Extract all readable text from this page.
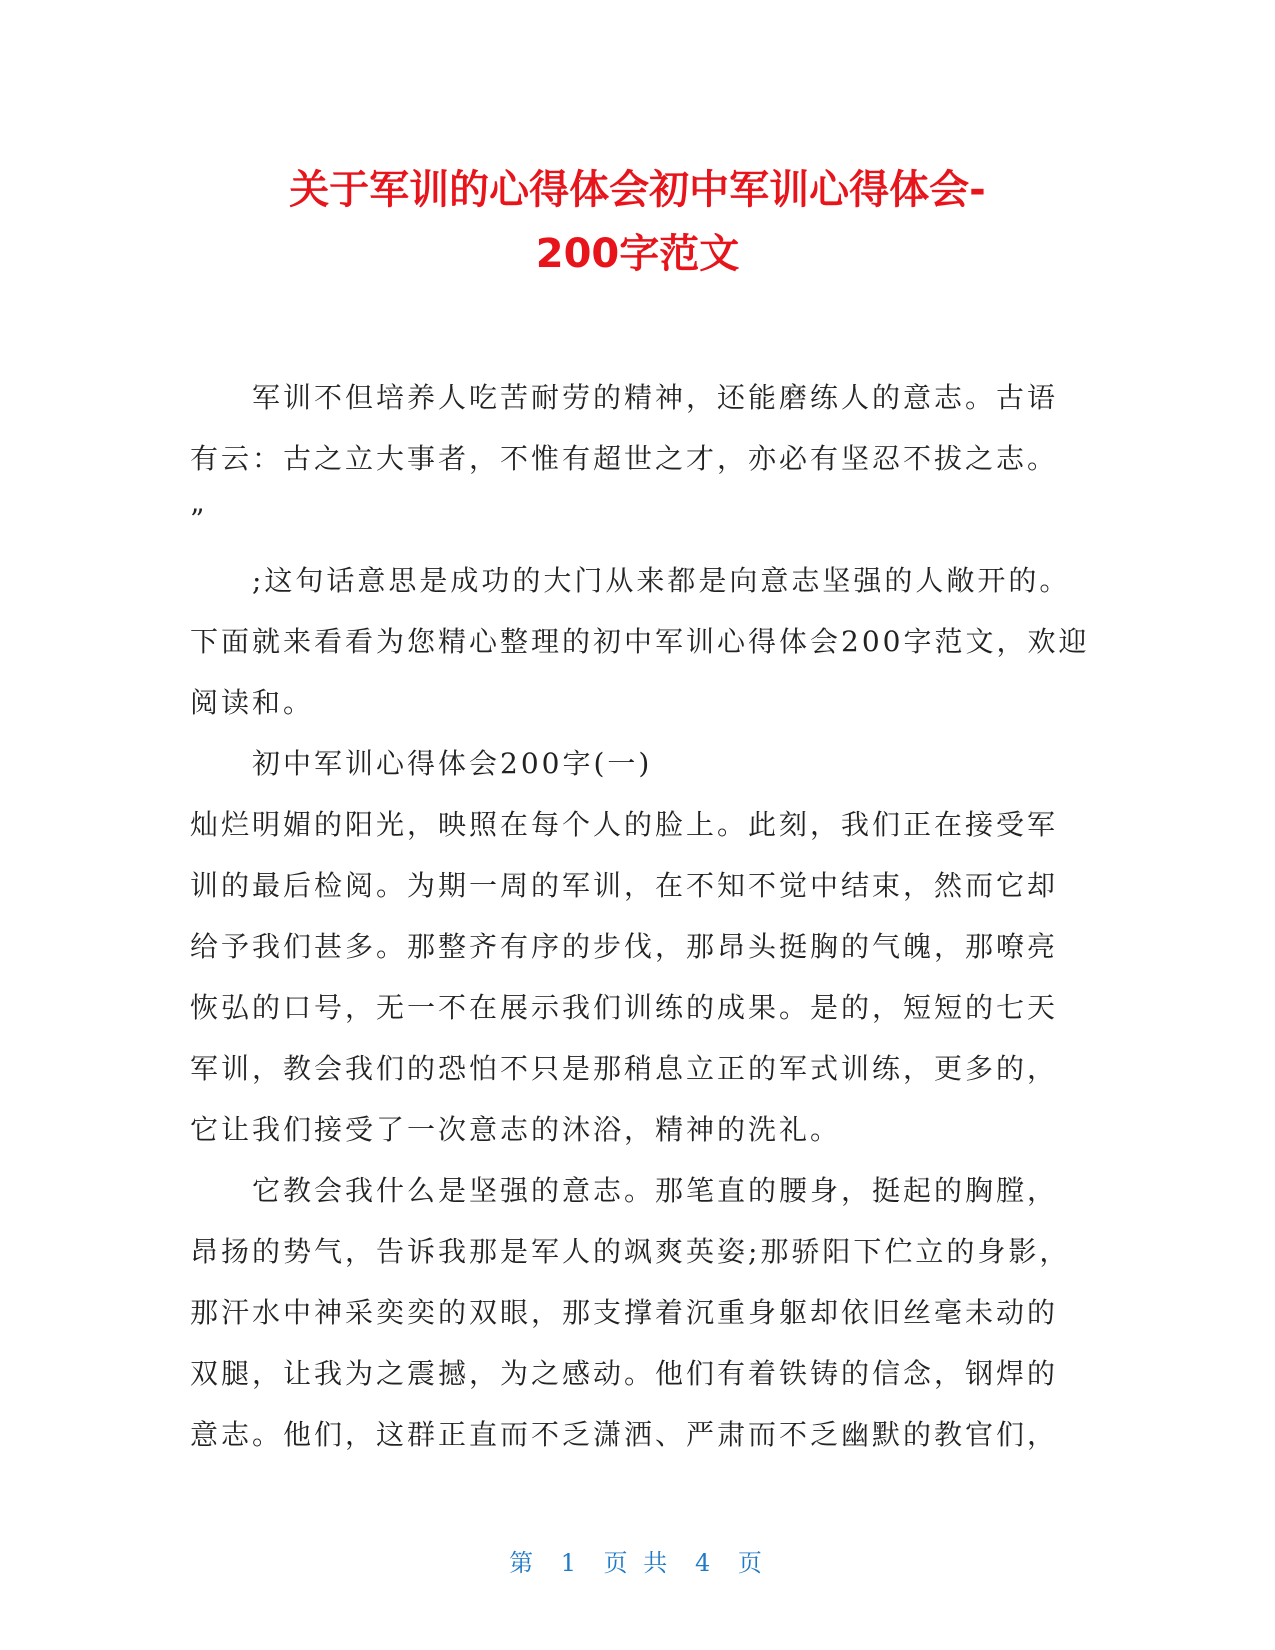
关于军训的心得体会初中军训心得体会-
200字范文
军训不但培养人吃苦耐劳的精神，还能磨练人的意志。古语
有云：古之立大事者，不惟有超世之才，亦必有坚忍不拔之志。
”
;这句话意思是成功的大门从来都是向意志坚强的人敞开的。
下面就来看看为您精心整理的初中军训心得体会200字范文，欢迎
阅读和。
初中军训心得体会200字(一)
灿烂明媚的阳光，映照在每个人的脸上。此刻，我们正在接受军
训的最后检阅。为期一周的军训，在不知不觉中结束，然而它却
给予我们甚多。那整齐有序的步伐，那昂头挺胸的气魄，那嘹亮
恢弘的口号，无一不在展示我们训练的成果。是的，短短的七天
军训，教会我们的恐怕不只是那稍息立正的军式训练，更多的，
它让我们接受了一次意志的沐浴，精神的洗礼。
它教会我什么是坚强的意志。那笔直的腰身，挺起的胸膛，
昂扬的势气，告诉我那是军人的飒爽英姿;那骄阳下伫立的身影，
那汗水中神采奕奕的双眼，那支撑着沉重身躯却依旧丝毫未动的
双腿，让我为之震撼，为之感动。他们有着铁铸的信念，钢焊的
意志。他们，这群正直而不乏潇洒、严肃而不乏幽默的教官们，
第 1 页 共 4 页
